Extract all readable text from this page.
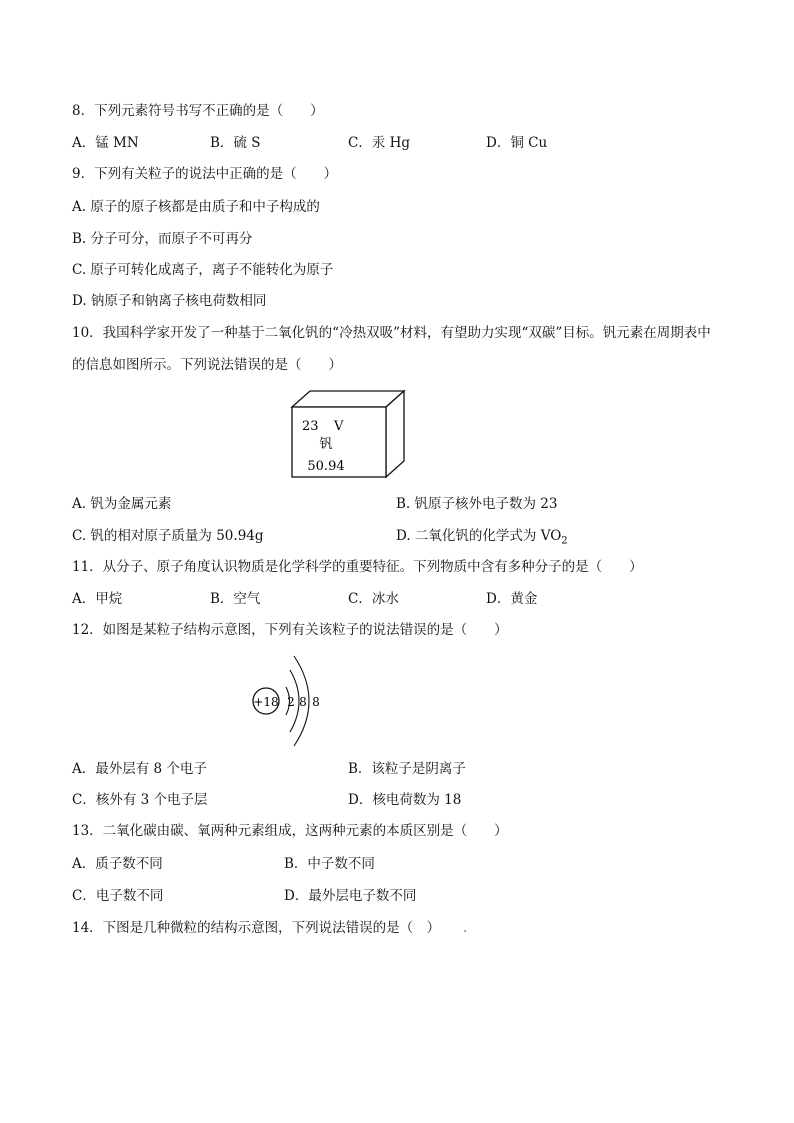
8．下列元素符号书写不正确的是（　　）
A．锰 MN	B．硫 S	C．汞 Hg	D．铜 Cu
9．下列有关粒子的说法中正确的是（　　）
A. 原子的原子核都是由质子和中子构成的
B. 分子可分，而原子不可再分
C. 原子可转化成离子，离子不能转化为原子
D. 钠原子和钠离子核电荷数相同
10．我国科学家开发了一种基于二氧化钒的“冷热双吸”材料，有望助力实现“双碳”目标。钒元素在周期表中
的信息如图所示。下列说法错误的是（　　）
23 V
钒
50.94
A. 钒为金属元素	B. 钒原子核外电子数为 23
C. 钒的相对原子质量为 50.94g	D. 二氧化钒的化学式为 $VO_2$
11．从分子、原子角度认识物质是化学科学的重要特征。下列物质中含有多种分子的是（　　）
A．甲烷	B．空气	C．冰水	D．黄金
12．如图是某粒子结构示意图，下列有关该粒子的说法错误的是（　　）
+18 2 8 8
A．最外层有 8 个电子	B．该粒子是阴离子
C．核外有 3 个电子层	D．核电荷数为 18
13．二氧化碳由碳、氧两种元素组成，这两种元素的本质区别是（　　）
A．质子数不同	B．中子数不同
C．电子数不同	D．最外层电子数不同
14．下图是几种微粒的结构示意图，下列说法错误的是（　） .
